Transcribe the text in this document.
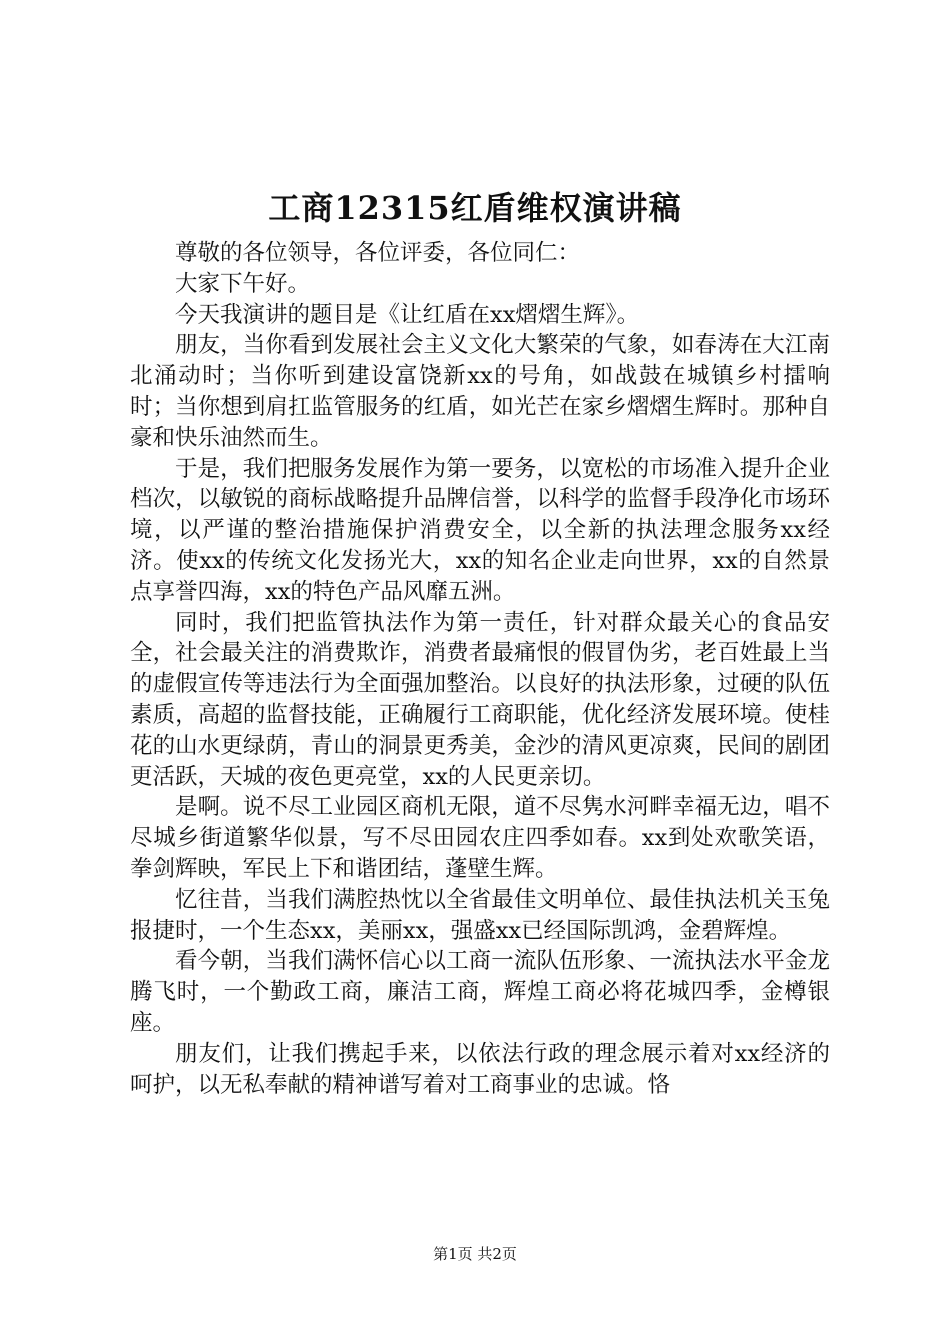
工商12315红盾维权演讲稿

尊敬的各位领导，各位评委，各位同仁：

大家下午好。

今天我演讲的题目是《让红盾在xx熠熠生辉》。

朋友，当你看到发展社会主义文化大繁荣的气象，如春涛在大江南北涌动时；当你听到建设富饶新xx的号角，如战鼓在城镇乡村擂响时；当你想到肩扛监管服务的红盾，如光芒在家乡熠熠生辉时。那种自豪和快乐油然而生。

于是，我们把服务发展作为第一要务，以宽松的市场准入提升企业档次，以敏锐的商标战略提升品牌信誉，以科学的监督手段净化市场环境，以严谨的整治措施保护消费安全，以全新的执法理念服务xx经济。使xx的传统文化发扬光大，xx的知名企业走向世界，xx的自然景点享誉四海，xx的特色产品风靡五洲。

同时，我们把监管执法作为第一责任，针对群众最关心的食品安全，社会最关注的消费欺诈，消费者最痛恨的假冒伪劣，老百姓最上当的虚假宣传等违法行为全面强加整治。以良好的执法形象，过硬的队伍素质，高超的监督技能，正确履行工商职能，优化经济发展环境。使桂花的山水更绿荫，青山的洞景更秀美，金沙的清风更凉爽，民间的剧团更活跃，天城的夜色更亮堂，xx的人民更亲切。

是啊。说不尽工业园区商机无限，道不尽隽水河畔幸福无边，唱不尽城乡街道繁华似景，写不尽田园农庄四季如春。xx到处欢歌笑语，拳剑辉映，军民上下和谐团结，蓬壁生辉。

忆往昔，当我们满腔热忱以全省最佳文明单位、最佳执法机关玉兔报捷时，一个生态xx，美丽xx，强盛xx已经国际凯鸿，金碧辉煌。

看今朝，当我们满怀信心以工商一流队伍形象、一流执法水平金龙腾飞时，一个勤政工商，廉洁工商，辉煌工商必将花城四季，金樽银座。

朋友们，让我们携起手来，以依法行政的理念展示着对xx经济的呵护，以无私奉献的精神谱写着对工商事业的忠诚。恪

第1页 共2页
